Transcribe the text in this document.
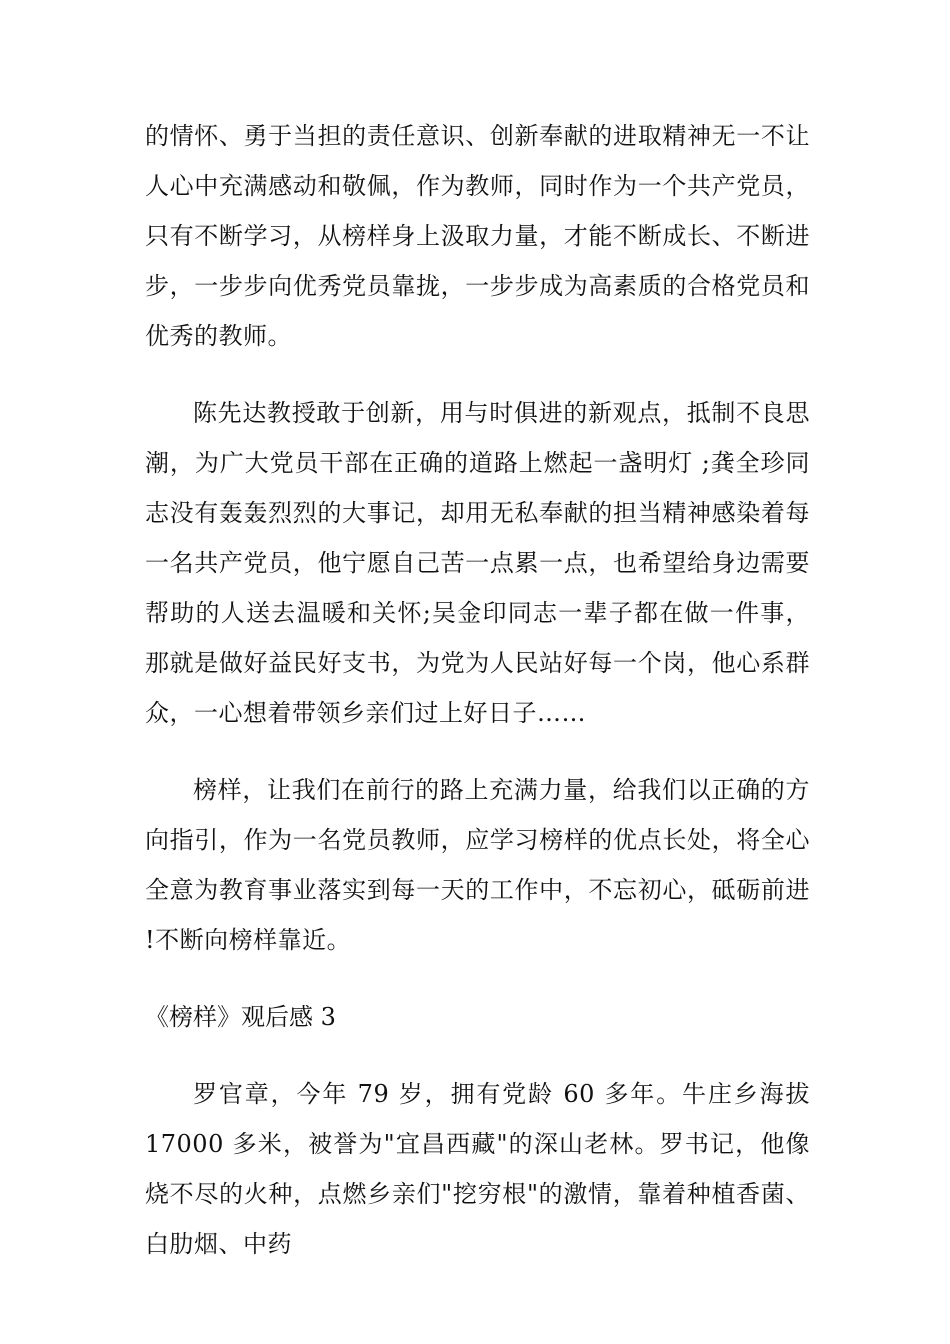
的情怀、勇于当担的责任意识、创新奉献的进取精神无一不让人心中充满感动和敬佩，作为教师，同时作为一个共产党员，只有不断学习，从榜样身上汲取力量，才能不断成长、不断进步，一步步向优秀党员靠拢，一步步成为高素质的合格党员和优秀的教师。

陈先达教授敢于创新，用与时俱进的新观点，抵制不良思潮，为广大党员干部在正确的道路上燃起一盏明灯 ;龚全珍同志没有轰轰烈烈的大事记，却用无私奉献的担当精神感染着每一名共产党员，他宁愿自己苦一点累一点，也希望给身边需要帮助的人送去温暖和关怀;吴金印同志一辈子都在做一件事，那就是做好益民好支书，为党为人民站好每一个岗，他心系群众，一心想着带领乡亲们过上好日子……

榜样，让我们在前行的路上充满力量，给我们以正确的方向指引，作为一名党员教师，应学习榜样的优点长处，将全心全意为教育事业落实到每一天的工作中，不忘初心，砥砺前进 !不断向榜样靠近。

《榜样》观后感 3

罗官章，今年 79 岁，拥有党龄 60 多年。牛庄乡海拔 17000 多米，被誉为"宜昌西藏"的深山老林。罗书记，他像烧不尽的火种，点燃乡亲们"挖穷根"的激情，靠着种植香菌、白肋烟、中药
